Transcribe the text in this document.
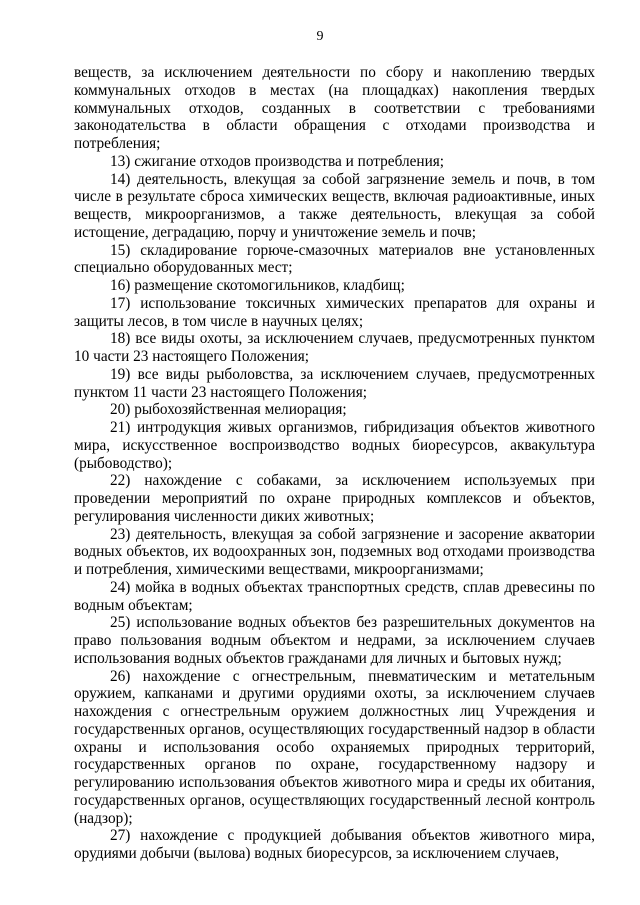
9

веществ, за исключением деятельности по сбору и накоплению твердых коммунальных отходов в местах (на площадках) накопления твердых коммунальных отходов, созданных в соответствии с требованиями законодательства в области обращения с отходами производства и потребления;

13) сжигание отходов производства и потребления;

14) деятельность, влекущая за собой загрязнение земель и почв, в том числе в результате сброса химических веществ, включая радиоактивные, иных веществ, микроорганизмов, а также деятельность, влекущая за собой истощение, деградацию, порчу и уничтожение земель и почв;

15) складирование горюче-смазочных материалов вне установленных специально оборудованных мест;

16) размещение скотомогильников, кладбищ;

17) использование токсичных химических препаратов для охраны и защиты лесов, в том числе в научных целях;

18) все виды охоты, за исключением случаев, предусмотренных пунктом 10 части 23 настоящего Положения;

19) все виды рыболовства, за исключением случаев, предусмотренных пунктом 11 части 23 настоящего Положения;

20) рыбохозяйственная мелиорация;

21) интродукция живых организмов, гибридизация объектов животного мира, искусственное воспроизводство водных биоресурсов, аквакультура (рыбоводство);

22) нахождение с собаками, за исключением используемых при проведении мероприятий по охране природных комплексов и объектов, регулирования численности диких животных;

23) деятельность, влекущая за собой загрязнение и засорение акватории водных объектов, их водоохранных зон, подземных вод отходами производства и потребления, химическими веществами, микроорганизмами;

24) мойка в водных объектах транспортных средств, сплав древесины по водным объектам;

25) использование водных объектов без разрешительных документов на право пользования водным объектом и недрами, за исключением случаев использования водных объектов гражданами для личных и бытовых нужд;

26) нахождение с огнестрельным, пневматическим и метательным оружием, капканами и другими орудиями охоты, за исключением случаев нахождения с огнестрельным оружием должностных лиц Учреждения и государственных органов, осуществляющих государственный надзор в области охраны и использования особо охраняемых природных территорий, государственных органов по охране, государственному надзору и регулированию использования объектов животного мира и среды их обитания, государственных органов, осуществляющих государственный лесной контроль (надзор);

27) нахождение с продукцией добывания объектов животного мира, орудиями добычи (вылова) водных биоресурсов, за исключением случаев,
